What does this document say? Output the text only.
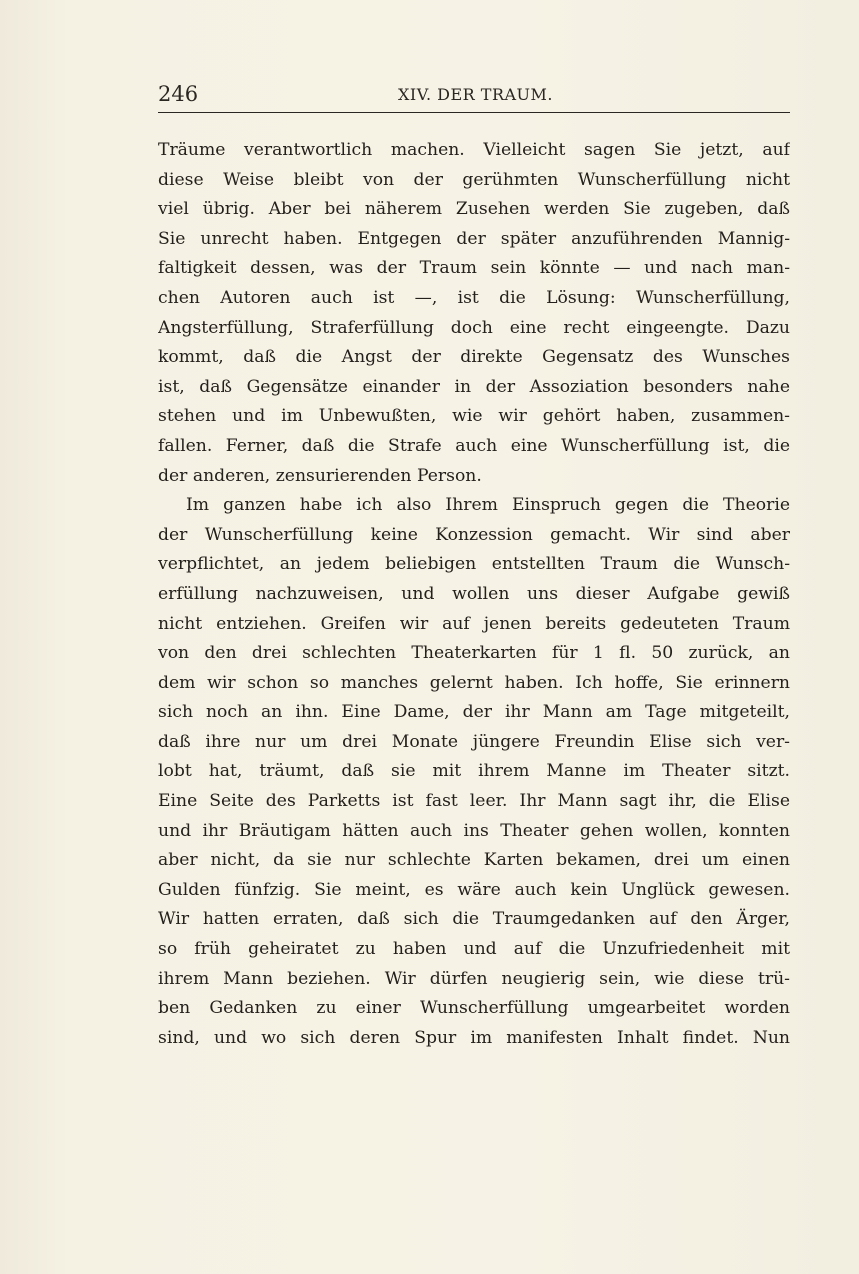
246	XIV. DER TRAUM.
Träume verantwortlich machen. Vielleicht sagen Sie jetzt, auf
diese Weise bleibt von der gerühmten Wunscherfüllung nicht
viel übrig. Aber bei näherem Zusehen werden Sie zugeben, daß
Sie unrecht haben. Entgegen der später anzuführenden Mannig-
faltigkeit dessen, was der Traum sein könnte — und nach man-
chen Autoren auch ist —, ist die Lösung: Wunscherfüllung,
Angsterfüllung, Straferfüllung doch eine recht eingeengte. Dazu
kommt, daß die Angst der direkte Gegensatz des Wunsches
ist, daß Gegensätze einander in der Assoziation besonders nahe
stehen und im Unbewußten, wie wir gehört haben, zusammen-
fallen. Ferner, daß die Strafe auch eine Wunscherfüllung ist, die
der anderen, zensurierenden Person.
Im ganzen habe ich also Ihrem Einspruch gegen die Theorie
der Wunscherfüllung keine Konzession gemacht. Wir sind aber
verpflichtet, an jedem beliebigen entstellten Traum die Wunsch-
erfüllung nachzuweisen, und wollen uns dieser Aufgabe gewiß
nicht entziehen. Greifen wir auf jenen bereits gedeuteten Traum
von den drei schlechten Theaterkarten für 1 fl. 50 zurück, an
dem wir schon so manches gelernt haben. Ich hoffe, Sie erinnern
sich noch an ihn. Eine Dame, der ihr Mann am Tage mitgeteilt,
daß ihre nur um drei Monate jüngere Freundin Elise sich ver-
lobt hat, träumt, daß sie mit ihrem Manne im Theater sitzt.
Eine Seite des Parketts ist fast leer. Ihr Mann sagt ihr, die Elise
und ihr Bräutigam hätten auch ins Theater gehen wollen, konnten
aber nicht, da sie nur schlechte Karten bekamen, drei um einen
Gulden fünfzig. Sie meint, es wäre auch kein Unglück gewesen.
Wir hatten erraten, daß sich die Traumgedanken auf den Ärger,
so früh geheiratet zu haben und auf die Unzufriedenheit mit
ihrem Mann beziehen. Wir dürfen neugierig sein, wie diese trü-
ben Gedanken zu einer Wunscherfüllung umgearbeitet worden
sind, und wo sich deren Spur im manifesten Inhalt findet. Nun
